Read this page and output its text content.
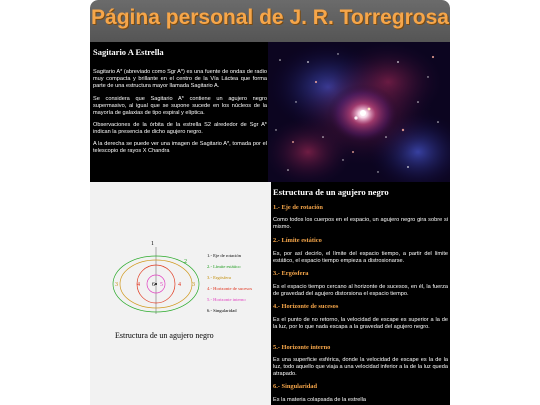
Página personal de J. R. Torregrosa
Sagitario A Estrella

Sagitario A* (abreviado como Sgr A*) es una fuente de ondas de radio muy compacta y brillante en el centro de la Vía Láctea que forma parte de una estructura mayor llamada Sagitario A.

Se considera que Sagitario A* contiene un agujero negro supermasivo, al igual que se supone sucede en los núcleos de la mayoría de galaxias de tipo espiral y elíptica.

Observaciones de la órbita de la estrella S2 alrededor de Sgr A* indican la presencia de dicho agujero negro.

A la derecha se puede ver una imagen de Sagitario A*, tomada por el telescopio de rayos X Chandra

1
2
3	3
4	4
5
6

1.- Eje de rotación

2.- Límite estático

3.- Ergósfera

4.- Horizonte de sucesos

5.- Horizonte interno

6.- Singularidad

Estructura de un agujero negro

Estructura de un agujero negro

1.- Eje de rotación

Como todos los cuerpos en el espacio, un agujero negro gira sobre si mismo.

2.- Límite estático

Es, por así decirlo, el límite del espacio tiempo, a partir del límite estático, el espacio tiempo empieza a distrosionarse.

3.- Ergósfera

Es el espacio tiempo cercano al horizonte de sucesos, en él, la fuerza de gravedad del agujero distorsiona el espacio tiempo.

4.- Horizonte de sucesos

Es el punto de no retorno, la velocidad de escape es superior a la de la luz, por lo que nada escapa a la gravedad del agujero negro.

5.- Horizonte interno

Es una superficie esférica, donde la velocidad de escape es la de la luz, todo aquello que viaja a una velocidad inferior a la de la luz queda atrapado.

6.- Singularidad

Es la materia colapsada de la estrella
